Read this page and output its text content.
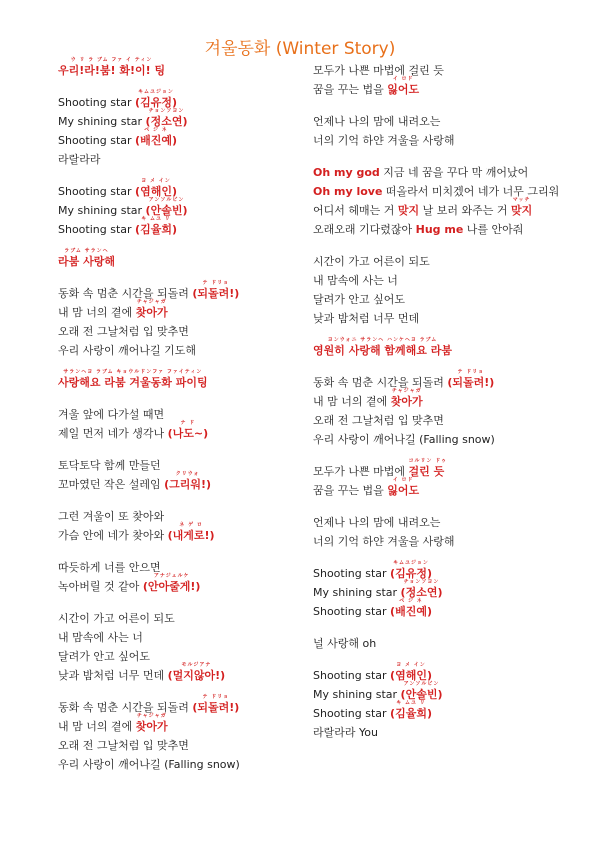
겨울동화 (Winter Story)
ウ リ ラ ブム ファ イ ティン
우리!라!붐! 화!이! 팅
Shooting star
キムユジョン
(김유정)
My shining star
チョンソヨン
(정소연)
Shooting star
ペ ジ ネ
(배진예)
라랄라라
Shooting star
ヨ メ イン
(염해인)
My shining star
アンソルビン
(안솔빈)
Shooting star
キ ムユ リ
(김율희)
ラブム サランヘ
라붐 사랑해
동화 속 멈춘 시간을 되돌려
テ ドリョ
(되돌려!)
내 맘 너의 곁에
チャジャガ
찾아가
오래 전 그날처럼 입 맞추면
우리 사랑이 깨어나길 기도해
サランヘヨ ラブム キョウルドンファ ファイティン
사랑해요 라붐 겨울동화 파이팅
겨울 앞에 다가설 때면
제일 먼저 네가 생각나
ナ ド
(나도~)
토닥토닥 함께 만들던
꼬마였던 작은 설레임
クリウォ
(그리워!)
그런 겨울이 또 찾아와
가슴 안에 네가 찾아와
ネ ゲ ロ
(내게로!)
따듯하게 너를 안으면
녹아버릴 것 같아
アナジュルケ
(안아줄게!)
시간이 가고 어른이 되도
내 맘속에 사는 너
달려가 안고 싶어도
낮과 밤처럼 너무 먼데
モルジアナ
(멀지않아!)
동화 속 멈춘 시간을 되돌려
テ ドリョ
(되돌려!)
내 맘 너의 곁에
チャジャガ
찾아가
오래 전 그날처럼 입 맞추면
우리 사랑이 깨어나길 (Falling snow)
모두가 나쁜 마법에 걸린 듯
꿈을 꾸는 법을
イ ロド
잃어도
언제나 나의 맘에 내려오는
너의 기억 하얀 겨울을 사랑해
Oh my god 지금 네 꿈을 꾸다 막 깨어났어
Oh my love 떠올라서 미치겠어 네가 너무 그리워
어디서 헤매는 거 맞지 날 보러 와주는 거
マッチ
맞지
오래오래 기다렸잖아 Hug me 나를 안아줘
시간이 가고 어른이 되도
내 맘속에 사는 너
달려가 안고 싶어도
낮과 밤처럼 너무 먼데
ヨンウォニ サランヘ ハンケヘヨ ラブム
영원히 사랑해 함께해요 라붐
동화 속 멈춘 시간을 되돌려
テ ドリョ
(되돌려!)
내 맘 너의 곁에
チャジャガ
찾아가
오래 전 그날처럼 입 맞추면
우리 사랑이 깨어나길 (Falling snow)
모두가 나쁜 마법에
コルリン ドゥ
걸린 듯
꿈을 꾸는 법을
イ ロド
잃어도
언제나 나의 맘에 내려오는
너의 기억 하얀 겨울을 사랑해
Shooting star
キムユジョン
(김유정)
My shining star
チョンソヨン
(정소연)
Shooting star
ペ ジ ネ
(배진예)
널 사랑해 oh
Shooting star
ヨ メ イン
(염해인)
My shining star
アンソルビン
(안솔빈)
Shooting star
キ ムユ リ
(김율희)
라랄라라 You
